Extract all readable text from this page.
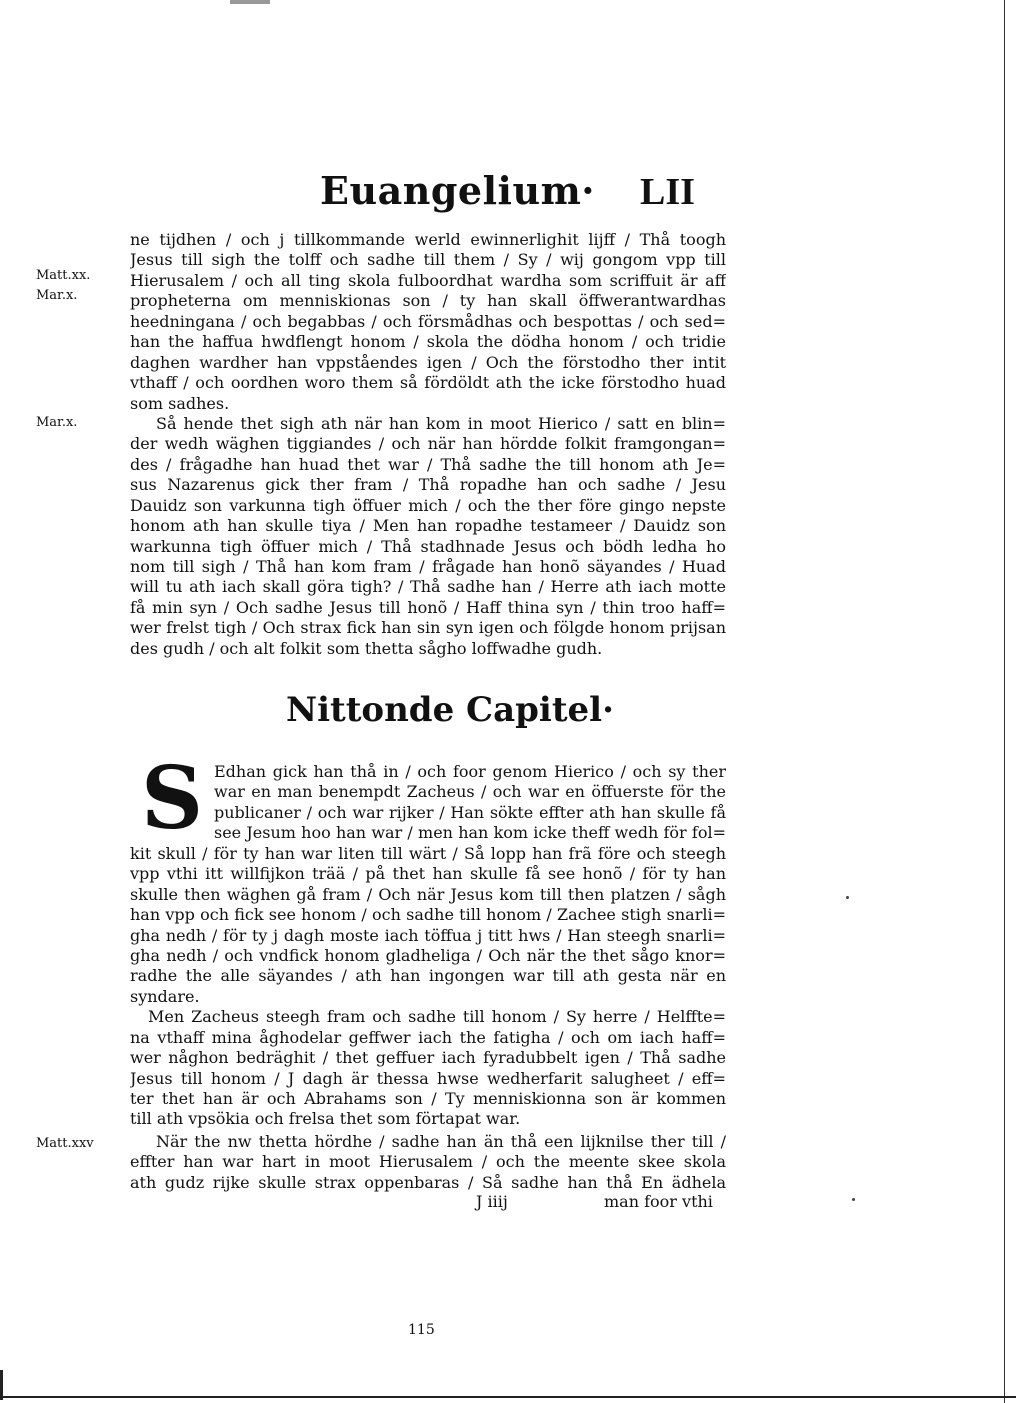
Euangelium· LII
Matt.xx.
Mar.x.
Mar.x.
Matt.xxv
ne tijdhen / och j tillkommande werld ewinnerlighit lijff / Thå toogh
Jesus till sigh the tolff och sadhe till them / Sy / wij gongom vpp till
Hierusalem / och all ting skola fulboordhat wardha som scriffuit är aff
propheterna om menniskionas son / ty han skall öffwerantwardhas
heedningana / och begabbas / och försmådhas och bespottas / och sed=
han the haffua hwdflengt honom / skola the dödha honom / och tridie
daghen wardher han vppståendes igen / Och the förstodho ther intit
vthaff / och oordhen woro them så fördöldt ath the icke förstodho huad
som sadhes.
Så hende thet sigh ath när han kom in moot Hierico / satt en blin=
der wedh wäghen tiggiandes / och när han hördde folkit framgongan=
des / frågadhe han huad thet war / Thå sadhe the till honom ath Je=
sus Nazarenus gick ther fram / Thå ropadhe han och sadhe / Jesu
Dauidz son varkunna tigh öffuer mich / och the ther före gingo nepste
honom ath han skulle tiya / Men han ropadhe testameer / Dauidz son
warkunna tigh öffuer mich / Thå stadhnade Jesus och bödh ledha ho
nom till sigh / Thå han kom fram / frågade han honõ säyandes / Huad
will tu ath iach skall göra tigh? / Thå sadhe han / Herre ath iach motte
få min syn / Och sadhe Jesus till honõ / Haff thina syn / thin troo haff=
wer frelst tigh / Och strax fick han sin syn igen och fölgde honom prijsan
des gudh / och alt folkit som thetta sågho loffwadhe gudh.
Nittonde Capitel·
S Edhan gick han thå in / och foor genom Hierico / och sy ther
war en man benempdt Zacheus / och war en öffuerste för the
publicaner / och war rijker / Han sökte effter ath han skulle få
see Jesum hoo han war / men han kom icke theff wedh för fol=
kit skull / för ty han war liten till wärt / Så lopp han frã före och steegh
vpp vthi itt willfijkon trää / på thet han skulle få see honõ / för ty han
skulle then wäghen gå fram / Och när Jesus kom till then platzen / sågh
han vpp och fick see honom / och sadhe till honom / Zachee stigh snarli=
gha nedh / för ty j dagh moste iach töffua j titt hws / Han steegh snarli=
gha nedh / och vndfick honom gladheliga / Och när the thet sågo knor=
radhe the alle säyandes / ath han ingongen war till ath gesta när en
syndare.
Men Zacheus steegh fram och sadhe till honom / Sy herre / Helffte=
na vthaff mina åghodelar geffwer iach the fatigha / och om iach haff=
wer någhon bedräghit / thet geffuer iach fyradubbelt igen / Thå sadhe
Jesus till honom / J dagh är thessa hwse wedherfarit salugheet / eff=
ter thet han är och Abrahams son / Ty menniskionna son är kommen
till ath vpsökia och frelsa thet som förtapat war.
När the nw thetta hördhe / sadhe han än thå een lijknilse ther till /
effter han war hart in moot Hierusalem / och the meente skee skola
ath gudz rijke skulle strax oppenbaras / Så sadhe han thå En ädhela
J iiij	man foor vthi
115
